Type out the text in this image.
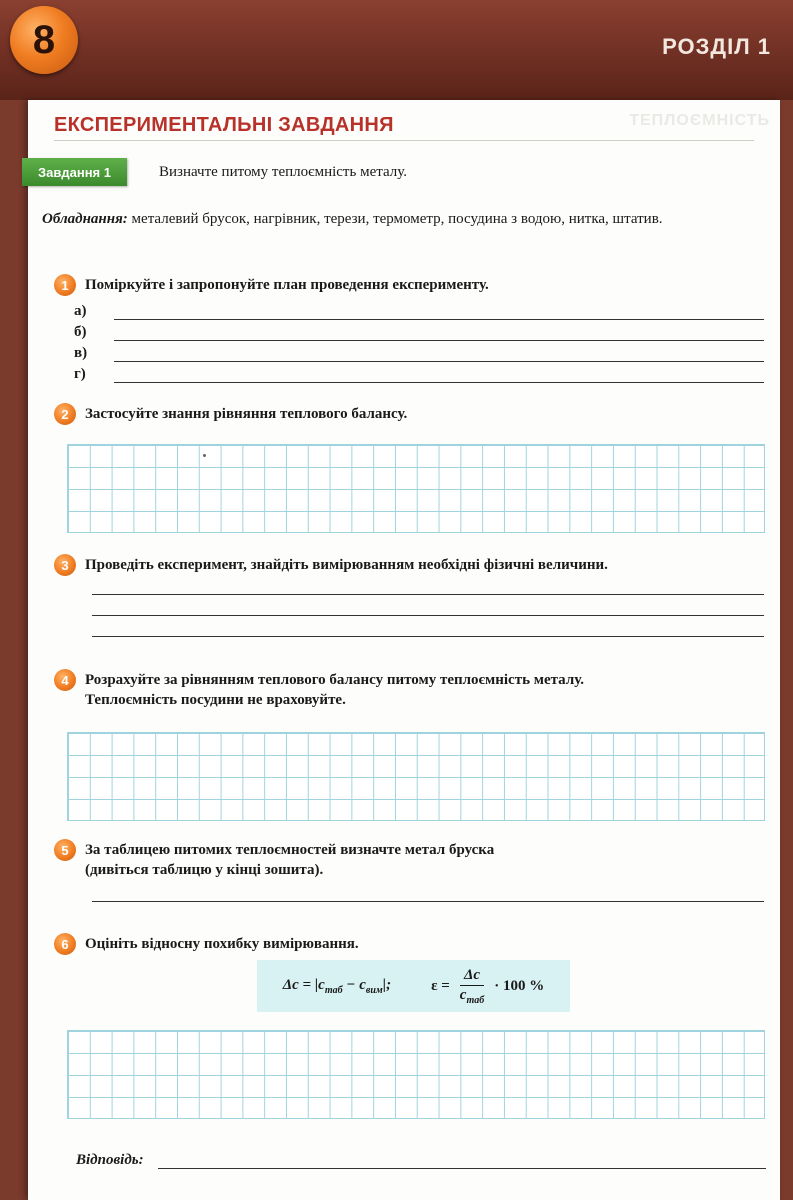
8	РОЗДІЛ 1
ТЕПЛОЄМНІСТЬ
ЕКСПЕРИМЕНТАЛЬНІ ЗАВДАННЯ
Завдання 1	Визначте питому теплоємність металу.
Обладнання: металевий брусок, нагрівник, терези, термометр, посудина з водою, нитка, штатив.
1	Поміркуйте і запропонуйте план проведення експерименту.
а)
б)
в)
г)
2	Застосуйте знання рівняння теплового балансу.
3	Проведіть експеримент, знайдіть вимірюванням необхідні фізичні величини.
4	Розрахуйте за рівнянням теплового балансу питому теплоємність металу.
Теплоємність посудини не враховуйте.
5	За таблицею питомих теплоємностей визначте метал бруска
(дивіться таблицю у кінці зошита).
6	Оцініть відносну похибку вимірювання.
$\Delta c = |c_{таб} - c_{вим}|$;	$\varepsilon = \frac{\Delta c}{c_{таб}} \cdot 100$ %
Відповідь:
